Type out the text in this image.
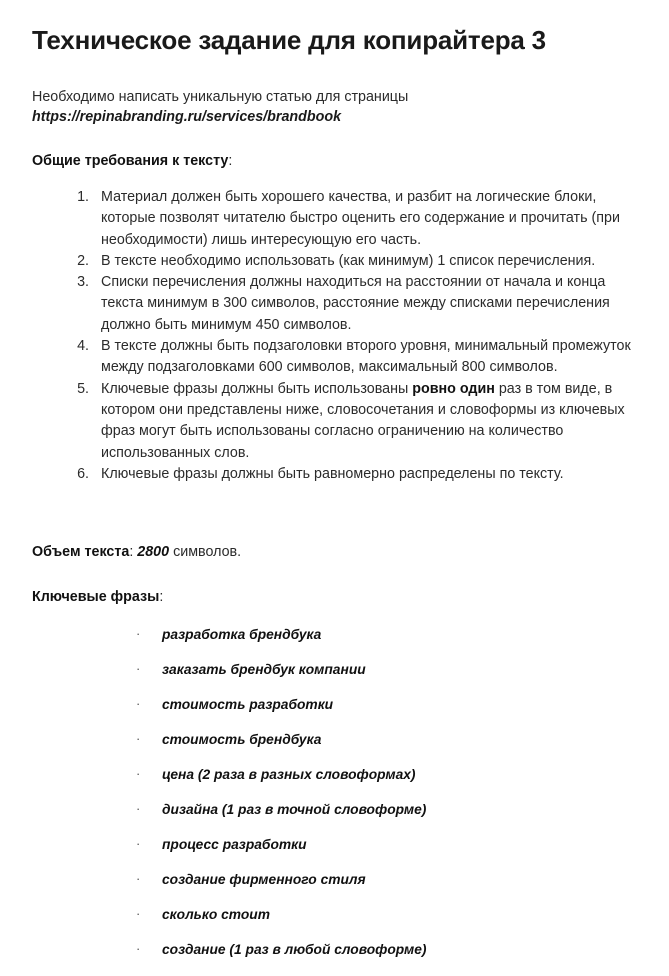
Техническое задание для копирайтера 3

Необходимо написать уникальную статью для страницы
https://repinabranding.ru/services/brandbook

Общие требования к тексту:

Материал должен быть хорошего качества, и разбит на логические блоки, которые позволят читателю быстро оценить его содержание и прочитать (при необходимости) лишь интересующую его часть.
В тексте необходимо использовать (как минимум) 1 список перечисления.
Списки перечисления должны находиться на расстоянии от начала и конца текста минимум в 300 символов, расстояние между списками перечисления должно быть минимум 450 символов.
В тексте должны быть подзаголовки второго уровня, минимальный промежуток между подзаголовками 600 символов, максимальный 800 символов.
Ключевые фразы должны быть использованы ровно один раз в том виде, в котором они представлены ниже, словосочетания и словоформы из ключевых фраз могут быть использованы согласно ограничению на количество использованных слов.
Ключевые фразы должны быть равномерно распределены по тексту.

Объем текста: 2800 символов.

Ключевые фразы:

· разработка брендбука
· заказать брендбук компании
· стоимость разработки
· стоимость брендбука
· цена (2 раза в разных словоформах)
· дизайна (1 раз в точной словоформе)
· процесс разработки
· создание фирменного стиля
· сколько стоит
· создание (1 раз в любой словоформе)
